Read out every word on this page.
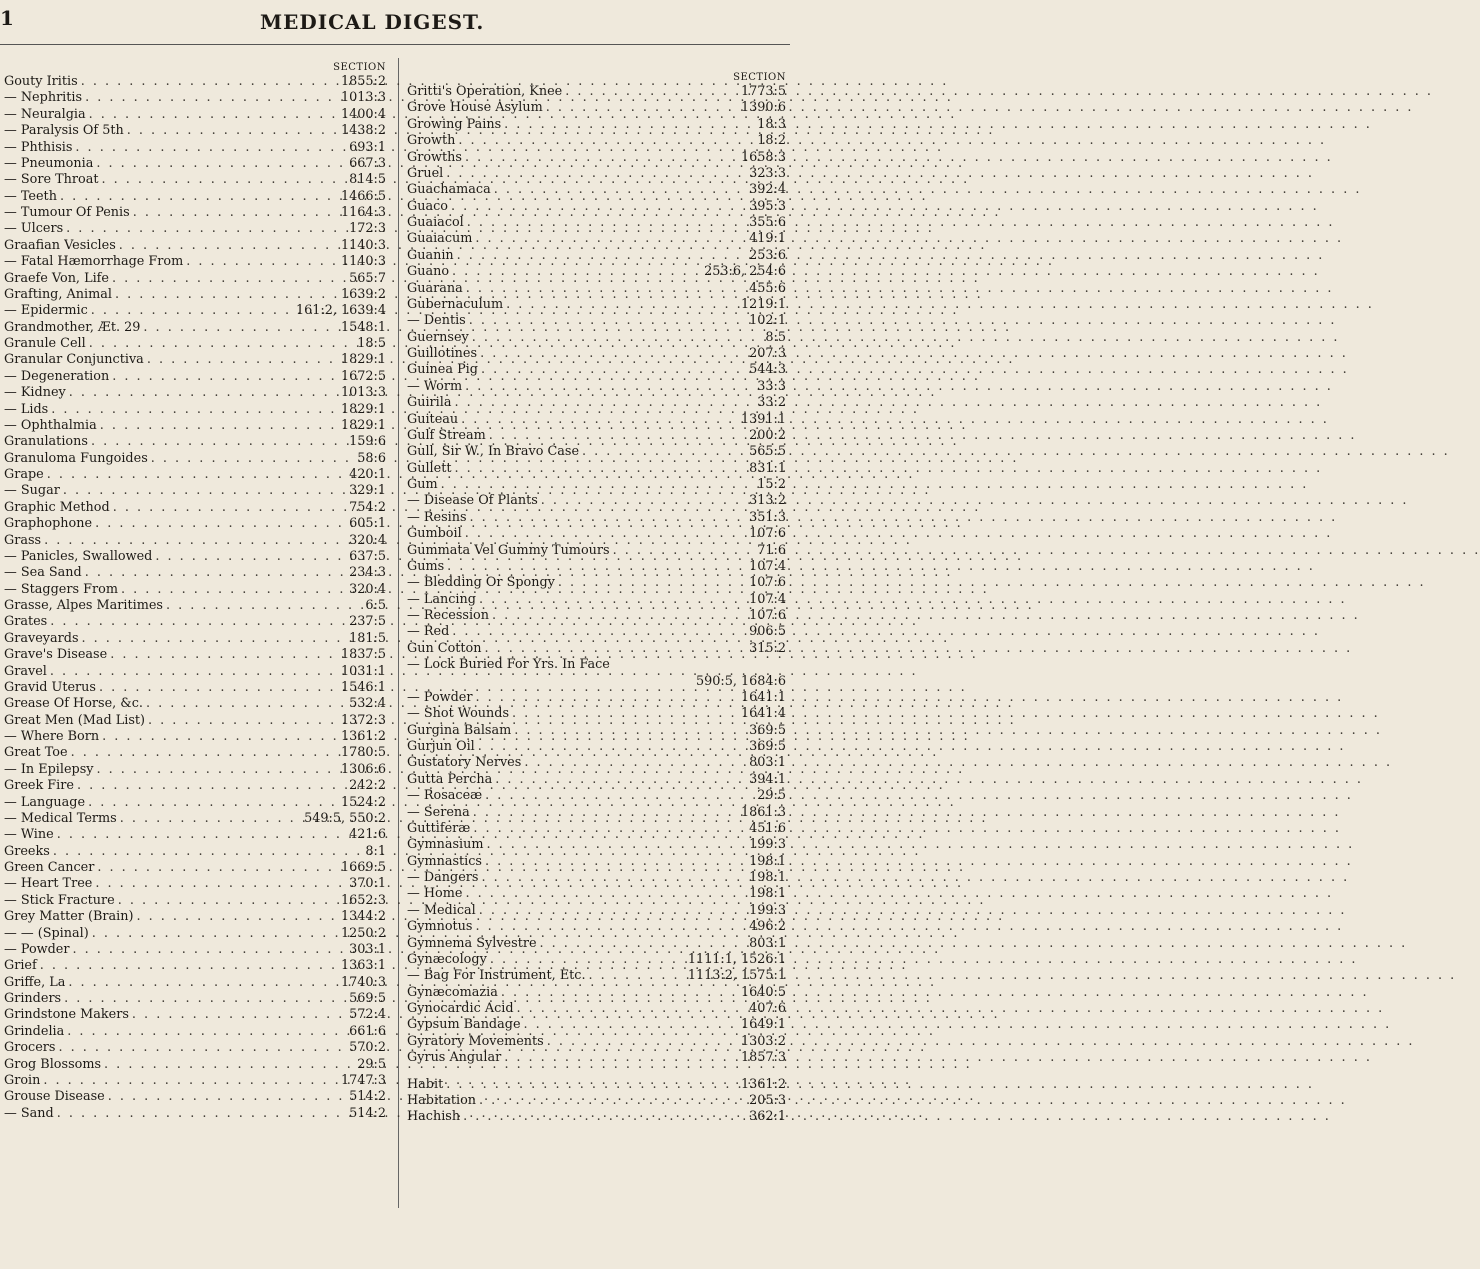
1	MEDICAL DIGEST.
SECTION
Gouty Iritis . . .	1855:2
— Nephritis . . .	1013:3
— Neuralgia . . .	1400:4
— Paralysis Of 5th . . .	1438:2
— Phthisis . . .	693:1
— Pneumonia . . .	667:3
— Sore Throat . . .	814:5
— Teeth . . .	1466:5
— Tumour Of Penis . . .	1164:3
— Ulcers . . .	172:3
Graafian Vesicles . . .	1140:3
— Fatal Hæmorrhage From . . .	1140:3
Graefe Von, Life . . .	565:7
Grafting, Animal . . .	1639:2
— Epidermic . . .	161:2, 1639:4
Grandmother, Æt. 29 . . .	1548:1
Granule Cell . . .	18:5
Granular Conjunctiva . . .	1829:1
— Degeneration . . .	1672:5
— Kidney . . .	1013:3
— Lids . . .	1829:1
— Ophthalmia . . .	1829:1
Granulations . . .	159:6
Granuloma Fungoides . . .	58:6
Grape . . .	420:1
— Sugar . . .	329:1
Graphic Method . . .	754:2
Graphophone . . .	605:1
Grass . . .	320:4
— Panicles, Swallowed . . .	637:5
— Sea Sand . . .	234:3
— Staggers From . . .	320:4
Grasse, Alpes Maritimes . . .	6:5
Grates . . .	237:5
Graveyards . . .	181:5
Grave's Disease . . .	1837:5
Gravel . . .	1031:1
Gravid Uterus . . .	1546:1
Grease Of Horse, &c. . . .	532:4
Great Men (Mad List) . . .	1372:3
— Where Born . . .	1361:2
Great Toe . . .	1780:5
— In Epilepsy . . .	1306:6
Greek Fire . . .	242:2
— Language . . .	1524:2
— Medical Terms . . .	549:5, 550:2
— Wine . . .	421:6
Greeks . . .	8:1
Green Cancer . . .	1669:5
— Heart Tree . . .	370:1
— Stick Fracture . . .	1652:3
Grey Matter (Brain) . . .	1344:2
— — (Spinal) . . .	1250:2
— Powder . . .	303:1
Grief . . .	1363:1
Griffe, La . . .	1740:3
Grinders . . .	569:5
Grindstone Makers . . .	572:4
Grindelia . . .	661:6
Grocers . . .	570:2
Grog Blossoms . . .	29:5
Groin . . .	1747:3
Grouse Disease . . .	514:2
— Sand . . .	514:2
SECTION
Gritti's Operation, Knee . . .	1773:5
Grove House Asylum . . .	1390:6
Growing Pains . . .	18:3
Growth . . .	18:2
Growths . . .	1658:3
Gruel . . .	323:3
Guachamaca . . .	392:4
Guaco . . .	395:3
Guaiacol . . .	355:6
Guaiacum . . .	419:1
Guanin . . .	253:6
Guano . . .	253:6, 254:6
Guarana . . .	455:6
Gubernaculum . . .	1219:1
— Dentis . . .	102:1
Guernsey . . .	8:5
Guillotines . . .	207:3
Guinea Pig . . .	544:3
— Worm . . .	33:3
Guirila . . .	33:2
Guiteau . . .	1391:1
Gulf Stream . . .	200:2
Gull, Sir W., In Bravo Case . . .	565:5
Gullett . . .	831:1
Gum . . .	15:2
— Disease Of Plants . . .	313:2
— Resins . . .	351:3
Gumboil . . .	107:6
Gummata Vel Gummy Tumours . . .	71:6
Gums . . .	107:4
— Bledding Or Spongy . . .	107:6
— Lancing . . .	107:4
— Recession . . .	107:6
— Red . . .	906:5
Gun Cotton . . .	315:2
— Lock Buried For Yrs. In Face
590:5, 1684:6
— Powder . . .	1641:1
— Shot Wounds . . .	1641:4
Gurgina Balsam . . .	369:5
Gurjun Oil . . .	369:5
Gustatory Nerves . . .	803:1
Gutta Percha . . .	394:1
— Rosaceæ . . .	29:5
— Serena . . .	1861:3
Guttiferæ . . .	451:6
Gymnasium . . .	199:3
Gymnastics . . .	198:1
— Dangers . . .	198:1
— Home . . .	198:1
— Medical . . .	199:3
Gymnotus . . .	496:2
Gymnema Sylvestre . . .	803:1
Gynæcology . . .	1111:1, 1526:1
— Bag For Instrument, Etc. . . .	1113:2, 1575:1
Gynæcomazia . . .	1640:5
Gynocardic Acid . . .	407:6
Gypsum Bandage . . .	1649:1
Gyratory Movements . . .	1303:2
Gyrus Angular . . .	1857:3
Habit . . .	1361:2
Habitation . . .	205:3
Hachish . . .	362:1
